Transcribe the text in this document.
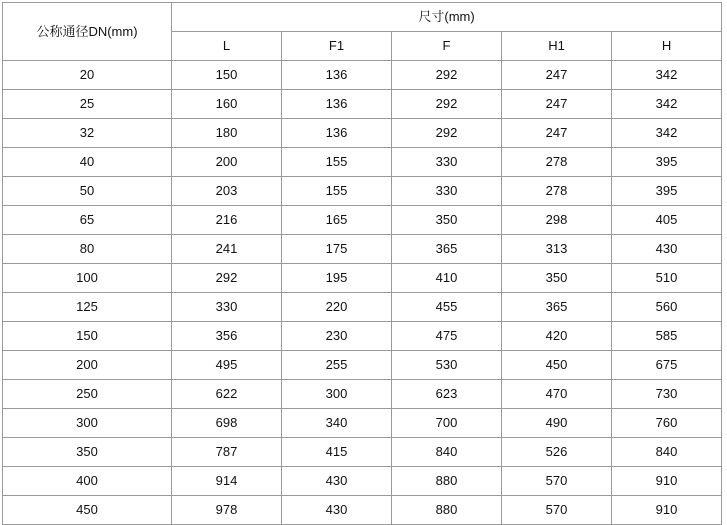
公称通径DN(mm)	尺寸(mm)				
	L	F1	F	H1	H
20	150	136	292	247	342
25	160	136	292	247	342
32	180	136	292	247	342
40	200	155	330	278	395
50	203	155	330	278	395
65	216	165	350	298	405
80	241	175	365	313	430
100	292	195	410	350	510
125	330	220	455	365	560
150	356	230	475	420	585
200	495	255	530	450	675
250	622	300	623	470	730
300	698	340	700	490	760
350	787	415	840	526	840
400	914	430	880	570	910
450	978	430	880	570	910
